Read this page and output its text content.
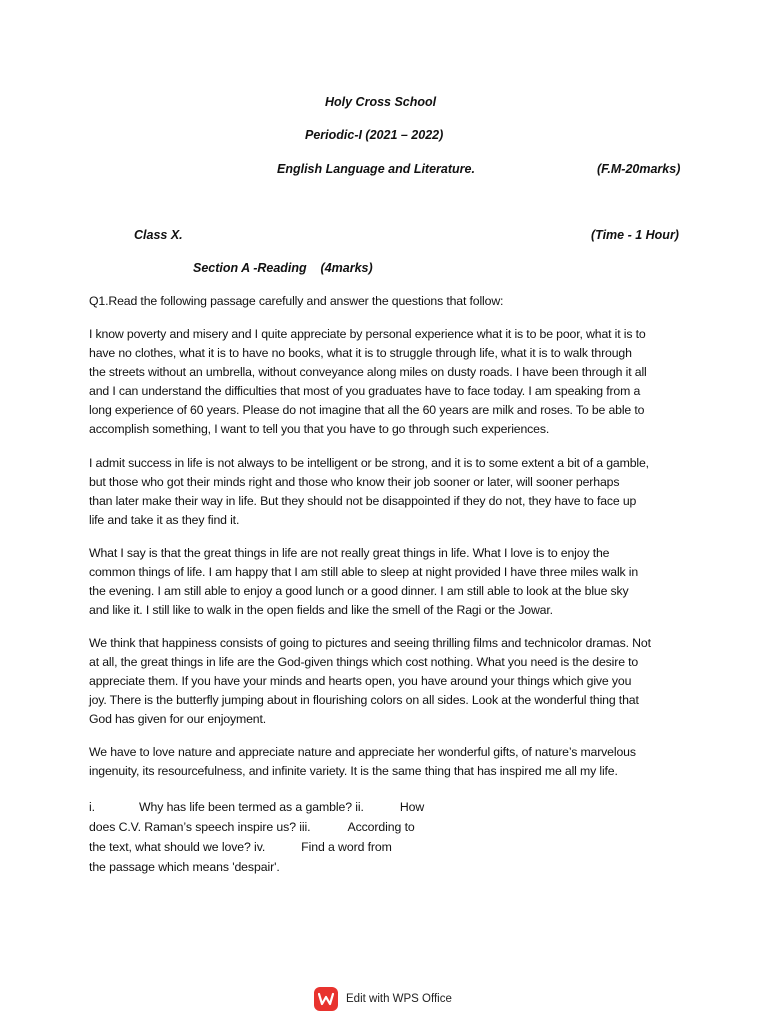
Holy Cross School
Periodic-I (2021 – 2022)
English Language and Literature.	(F.M-20marks)
Class X.	(Time - 1 Hour)
Section A -Reading    (4marks)
Q1.Read the following passage carefully and answer the questions that follow:
I know poverty and misery and I quite appreciate by personal experience what it is to be poor, what it is to
have no clothes, what it is to have no books, what it is to struggle through life, what it is to walk through
the streets without an umbrella, without conveyance along miles on dusty roads. I have been through it all
and I can understand the difficulties that most of you graduates have to face today. I am speaking from a
long experience of 60 years. Please do not imagine that all the 60 years are milk and roses. To be able to
accomplish something, I want to tell you that you have to go through such experiences.
I admit success in life is not always to be intelligent or be strong, and it is to some extent a bit of a gamble,
but those who got their minds right and those who know their job sooner or later, will sooner perhaps
than later make their way in life. But they should not be disappointed if they do not, they have to face up
life and take it as they find it.
What I say is that the great things in life are not really great things in life. What I love is to enjoy the
common things of life. I am happy that I am still able to sleep at night provided I have three miles walk in
the evening. I am still able to enjoy a good lunch or a good dinner. I am still able to look at the blue sky
and like it. I still like to walk in the open fields and like the smell of the Ragi or the Jowar.
We think that happiness consists of going to pictures and seeing thrilling films and technicolor dramas. Not
at all, the great things in life are the God-given things which cost nothing. What you need is the desire to
appreciate them. If you have your minds and hearts open, you have around your things which give you
joy. There is the butterfly jumping about in flourishing colors on all sides. Look at the wonderful thing that
God has given for our enjoyment.
We have to love nature and appreciate nature and appreciate her wonderful gifts, of nature’s marvelous
ingenuity, its resourcefulness, and infinite variety. It is the same thing that has inspired me all my life.
i.	Why has life been termed as a gamble? ii.	How
does C.V. Raman’s speech inspire us? iii.	According to
the text, what should we love? iv.	Find a word from
the passage which means 'despair'.
Edit with WPS Office
